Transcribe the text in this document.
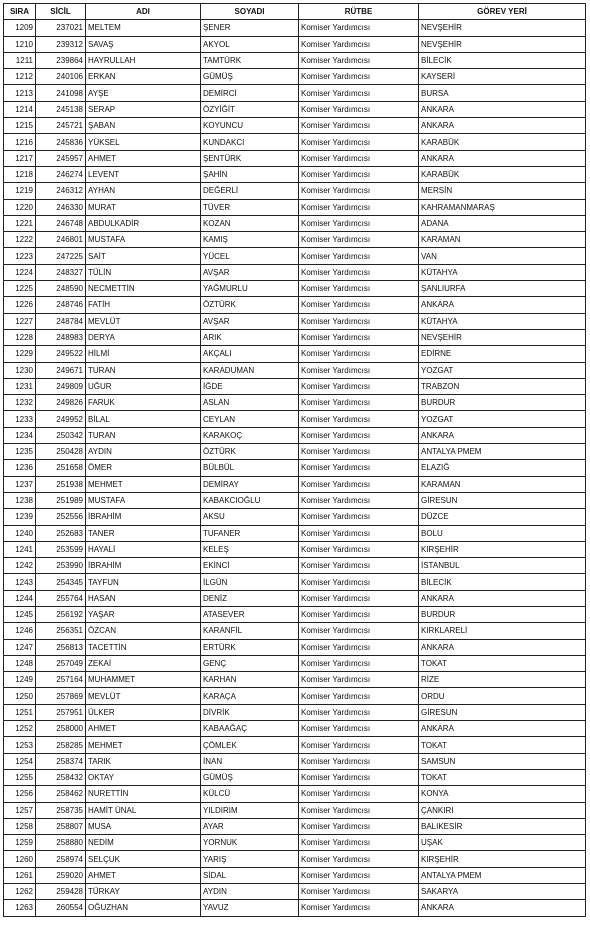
SIRA	SİCİL	ADI	SOYADI	RÜTBE	GÖREV YERİ
1209	237021	MELTEM	ŞENER	Komiser Yardımcısı	NEVŞEHİR
1210	239312	SAVAŞ	AKYOL	Komiser Yardımcısı	NEVŞEHİR
1211	239864	HAYRULLAH	TAMTÜRK	Komiser Yardımcısı	BİLECİK
1212	240106	ERKAN	GÜMÜŞ	Komiser Yardımcısı	KAYSERİ
1213	241098	AYŞE	DEMİRCİ	Komiser Yardımcısı	BURSA
1214	245138	SERAP	ÖZYİĞİT	Komiser Yardımcısı	ANKARA
1215	245721	ŞABAN	KOYUNCU	Komiser Yardımcısı	ANKARA
1216	245836	YÜKSEL	KUNDAKCI	Komiser Yardımcısı	KARABÜK
1217	245957	AHMET	ŞENTÜRK	Komiser Yardımcısı	ANKARA
1218	246274	LEVENT	ŞAHİN	Komiser Yardımcısı	KARABÜK
1219	246312	AYHAN	DEĞERLİ	Komiser Yardımcısı	MERSİN
1220	246330	MURAT	TÜVER	Komiser Yardımcısı	KAHRAMANMARAŞ
1221	246748	ABDULKADİR	KOZAN	Komiser Yardımcısı	ADANA
1222	246801	MUSTAFA	KAMIŞ	Komiser Yardımcısı	KARAMAN
1223	247225	SAİT	YÜCEL	Komiser Yardımcısı	VAN
1224	248327	TÜLİN	AVŞAR	Komiser Yardımcısı	KÜTAHYA
1225	248590	NECMETTİN	YAĞMURLU	Komiser Yardımcısı	ŞANLIURFA
1226	248746	FATİH	ÖZTÜRK	Komiser Yardımcısı	ANKARA
1227	248784	MEVLÜT	AVŞAR	Komiser Yardımcısı	KÜTAHYA
1228	248983	DERYA	ARIK	Komiser Yardımcısı	NEVŞEHİR
1229	249522	HİLMİ	AKÇALI	Komiser Yardımcısı	EDİRNE
1230	249671	TURAN	KARADUMAN	Komiser Yardımcısı	YOZGAT
1231	249809	UĞUR	İĞDE	Komiser Yardımcısı	TRABZON
1232	249826	FARUK	ASLAN	Komiser Yardımcısı	BURDUR
1233	249952	BİLAL	CEYLAN	Komiser Yardımcısı	YOZGAT
1234	250342	TURAN	KARAKOÇ	Komiser Yardımcısı	ANKARA
1235	250428	AYDIN	ÖZTÜRK	Komiser Yardımcısı	ANTALYA PMEM
1236	251658	ÖMER	BÜLBÜL	Komiser Yardımcısı	ELAZIĞ
1237	251938	MEHMET	DEMİRAY	Komiser Yardımcısı	KARAMAN
1238	251989	MUSTAFA	KABAKCIOĞLU	Komiser Yardımcısı	GİRESUN
1239	252556	İBRAHİM	AKSU	Komiser Yardımcısı	DÜZCE
1240	252683	TANER	TUFANER	Komiser Yardımcısı	BOLU
1241	253599	HAYALİ	KELEŞ	Komiser Yardımcısı	KIRŞEHİR
1242	253990	İBRAHİM	EKİNCİ	Komiser Yardımcısı	İSTANBUL
1243	254345	TAYFUN	İLGÜN	Komiser Yardımcısı	BİLECİK
1244	255764	HASAN	DENİZ	Komiser Yardımcısı	ANKARA
1245	256192	YAŞAR	ATASEVER	Komiser Yardımcısı	BURDUR
1246	256351	ÖZCAN	KARANFİL	Komiser Yardımcısı	KIRKLARELİ
1247	256813	TACETTİN	ERTÜRK	Komiser Yardımcısı	ANKARA
1248	257049	ZEKAİ	GENÇ	Komiser Yardımcısı	TOKAT
1249	257164	MUHAMMET	KARHAN	Komiser Yardımcısı	RİZE
1250	257869	MEVLÜT	KARAÇA	Komiser Yardımcısı	ORDU
1251	257951	ÜLKER	DİVRİK	Komiser Yardımcısı	GİRESUN
1252	258000	AHMET	KABAAĞAÇ	Komiser Yardımcısı	ANKARA
1253	258285	MEHMET	ÇÖMLEK	Komiser Yardımcısı	TOKAT
1254	258374	TARIK	İNAN	Komiser Yardımcısı	SAMSUN
1255	258432	OKTAY	GÜMÜŞ	Komiser Yardımcısı	TOKAT
1256	258462	NURETTİN	KÜLCÜ	Komiser Yardımcısı	KONYA
1257	258735	HAMİT ÜNAL	YILDIRIM	Komiser Yardımcısı	ÇANKIRI
1258	258807	MUSA	AYAR	Komiser Yardımcısı	BALIKESİR
1259	258880	NEDİM	YORNUK	Komiser Yardımcısı	UŞAK
1260	258974	SELÇUK	YARIŞ	Komiser Yardımcısı	KIRŞEHİR
1261	259020	AHMET	SİDAL	Komiser Yardımcısı	ANTALYA PMEM
1262	259428	TÜRKAY	AYDIN	Komiser Yardımcısı	SAKARYA
1263	260554	OĞUZHAN	YAVUZ	Komiser Yardımcısı	ANKARA
